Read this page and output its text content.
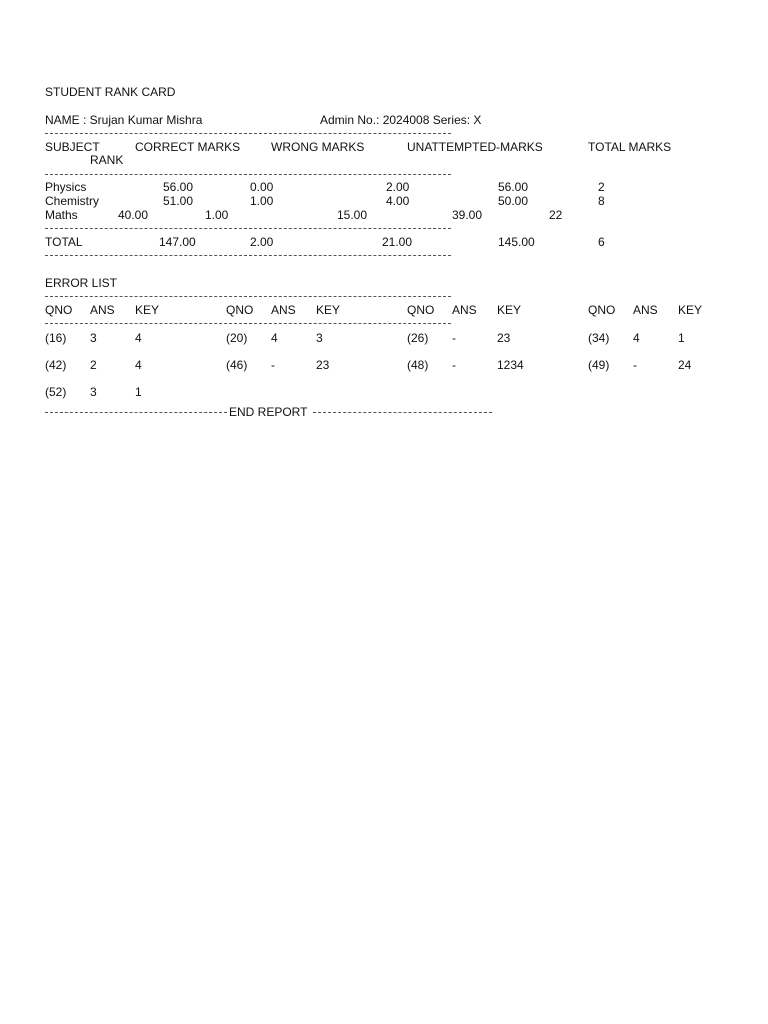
STUDENT RANK CARD
NAME : Srujan Kumar Mishra	Admin No.: 2024008 Series: X
SUBJECT	CORRECT MARKS	WRONG MARKS	UNATTEMPTED-MARKS	TOTAL MARKS
RANK
Physics	56.00	0.00	2.00	56.00	2
Chemistry	51.00	1.00	4.00	50.00	8
Maths	40.00	1.00	15.00	39.00	22
TOTAL	147.00	2.00	21.00	145.00	6
ERROR LIST
QNO ANS KEY	QNO ANS KEY	QNO ANS KEY	QNO ANS KEY
(16) 3	4	(20) 4	3	(26) -	23	(34) 4	1
(42) 2	4	(46) -	23	(48) -	1234	(49) -	24
(52) 3	1
END REPORT
